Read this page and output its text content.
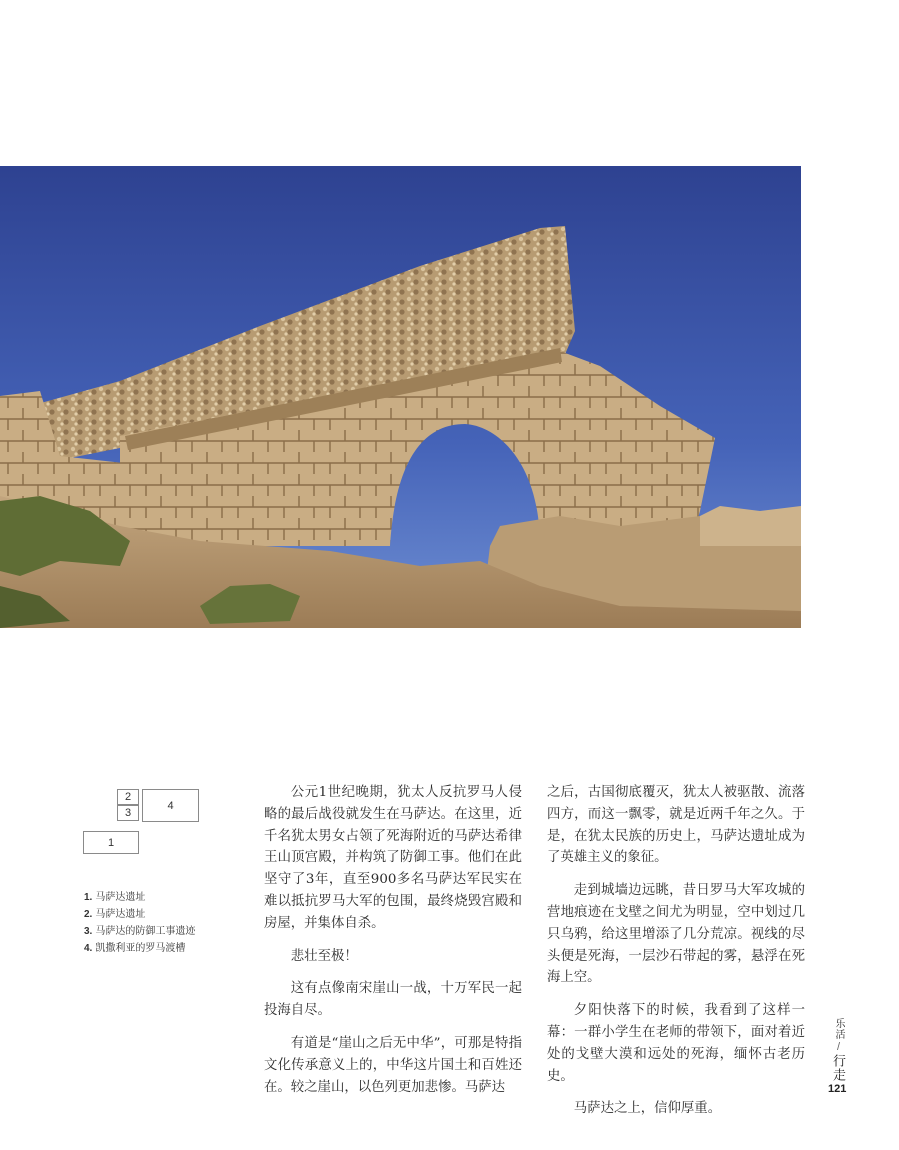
2
3
4
1
1. 马萨达遗址
2. 马萨达遗址
3. 马萨达的防御工事遗迹
4. 凯撒利亚的罗马渡槽

公元1世纪晚期，犹太人反抗罗马人侵略的最后战役就发生在马萨达。在这里，近千名犹太男女占领了死海附近的马萨达希律王山顶宫殿，并构筑了防御工事。他们在此坚守了3年，直至900多名马萨达军民实在难以抵抗罗马大军的包围，最终烧毁宫殿和房屋，并集体自杀。

悲壮至极！

这有点像南宋崖山一战，十万军民一起投海自尽。

有道是“崖山之后无中华”，可那是特指文化传承意义上的，中华这片国土和百姓还在。较之崖山，以色列更加悲惨。马萨达

之后，古国彻底覆灭，犹太人被驱散、流落四方，而这一飘零，就是近两千年之久。于是，在犹太民族的历史上，马萨达遗址成为了英雄主义的象征。

走到城墙边远眺，昔日罗马大军攻城的营地痕迹在戈壁之间尤为明显，空中划过几只乌鸦，给这里增添了几分荒凉。视线的尽头便是死海，一层沙石带起的雾，悬浮在死海上空。

夕阳快落下的时候，我看到了这样一幕：一群小学生在老师的带领下，面对着近处的戈壁大漠和远处的死海，缅怀古老历史。

马萨达之上，信仰厚重。

乐活
/
行走
121
